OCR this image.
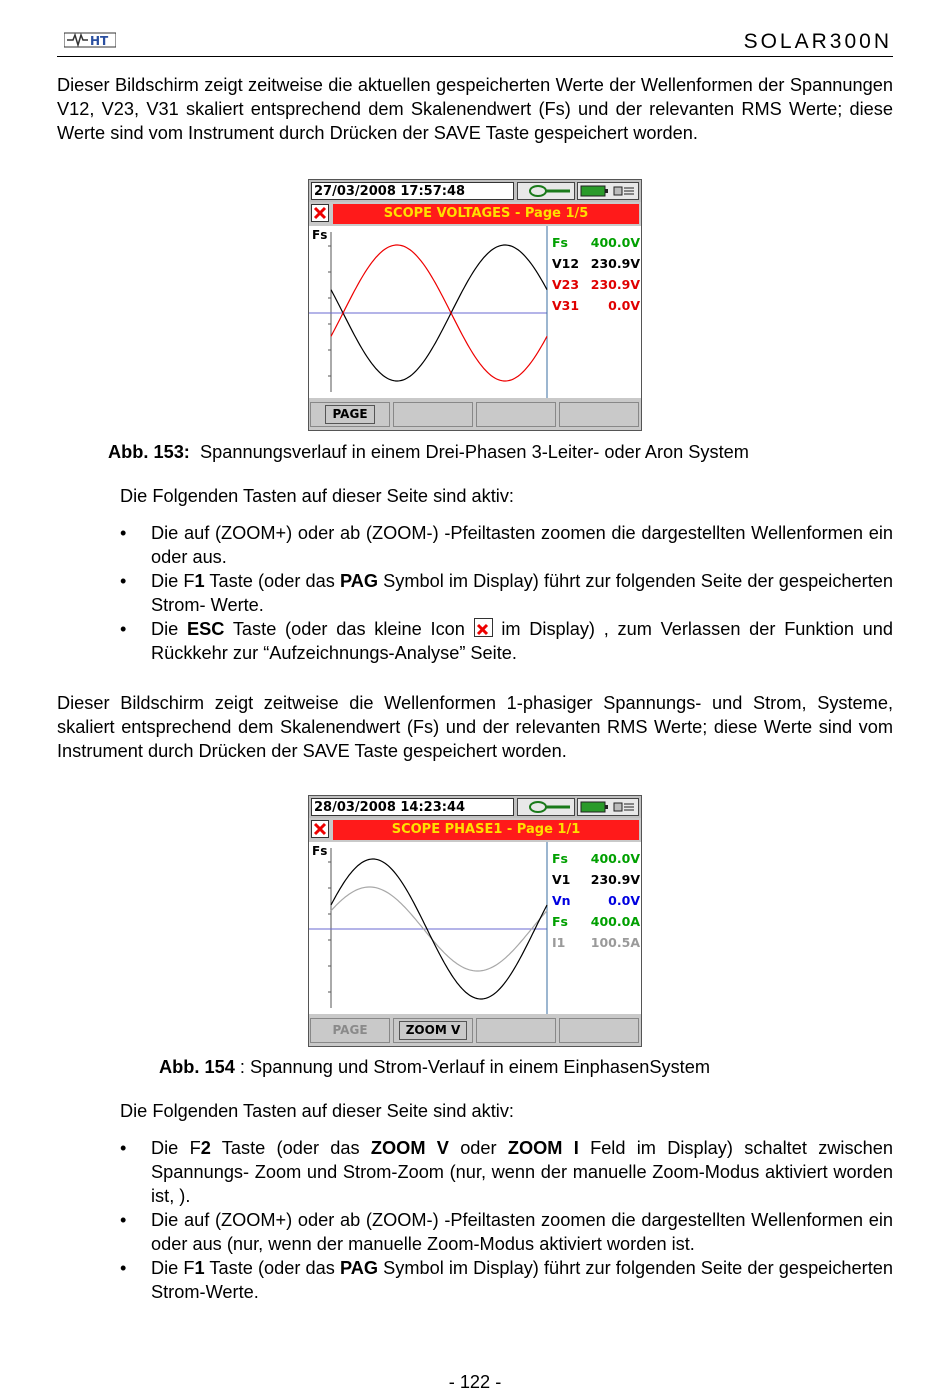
HT	SOLAR300N
Dieser Bildschirm zeigt zeitweise die aktuellen gespeicherten Werte der Wellenformen der Spannungen V12, V23, V31 skaliert entsprechend dem Skalenendwert (Fs) und der relevanten RMS Werte; diese Werte sind vom Instrument durch Drücken der SAVE Taste gespeichert worden.
27/03/2008 17:57:48
SCOPE VOLTAGES - Page 1/5
Fs	Fs 400.0V
V12 230.9V
V23 230.9V
V31 0.0V
PAGE
Abb. 153:  Spannungsverlauf in einem Drei-Phasen 3-Leiter- oder Aron System
Die Folgenden Tasten auf dieser Seite sind aktiv:
• Die auf (ZOOM+) oder ab (ZOOM-) -Pfeiltasten zoomen die dargestellten Wellenformen ein oder aus.
• Die F1 Taste (oder das PAG Symbol im Display) führt zur folgenden Seite der gespeicherten Strom- Werte.
• Die ESC Taste (oder das kleine Icon  im Display) , zum Verlassen der Funktion und Rückkehr zur “Aufzeichnungs-Analyse” Seite.
Dieser Bildschirm zeigt zeitweise die Wellenformen 1-phasiger Spannungs- und Strom, Systeme, skaliert entsprechend dem Skalenendwert (Fs) und der relevanten RMS Werte; diese Werte sind vom Instrument durch Drücken der SAVE Taste gespeichert worden.
28/03/2008 14:23:44
SCOPE PHASE1 - Page 1/1
Fs	Fs 400.0V
V1 230.9V
Vn	0.0V
Fs 400.0A
I1 100.5A
PAGE	ZOOM V
Abb. 154 : Spannung und Strom-Verlauf in einem EinphasenSystem
Die Folgenden Tasten auf dieser Seite sind aktiv:
• Die F2 Taste (oder das ZOOM V oder ZOOM I Feld im Display) schaltet zwischen Spannungs- Zoom und Strom-Zoom (nur, wenn der manuelle Zoom-Modus aktiviert worden ist, ).
• Die auf (ZOOM+) oder ab (ZOOM-) -Pfeiltasten zoomen die dargestellten Wellenformen ein oder aus (nur, wenn der manuelle Zoom-Modus aktiviert worden ist.
• Die F1 Taste (oder das PAG Symbol im Display) führt zur folgenden Seite der gespeicherten Strom-Werte.
- 122 -
